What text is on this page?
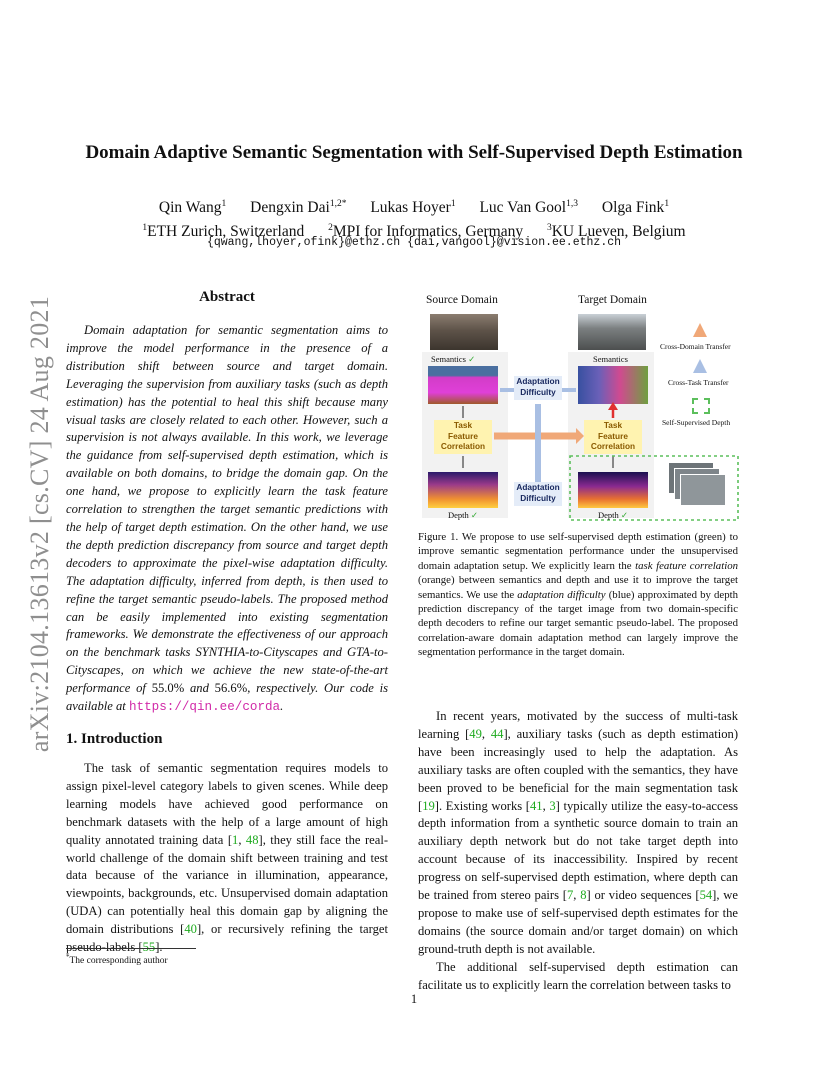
arXiv:2104.13613v2 [cs.CV] 24 Aug 2021
Domain Adaptive Semantic Segmentation with Self-Supervised Depth Estimation
Qin Wang$^1$ Dengxin Dai$^{1,2*}$ Lukas Hoyer$^1$ Luc Van Gool$^{1,3}$ Olga Fink$^1$
$^1$ETH Zurich, Switzerland	$^2$MPI for Informatics, Germany	$^3$KU Lueven, Belgium
{qwang,lhoyer,ofink}@ethz.ch {dai,vangool}@vision.ee.ethz.ch
Abstract

Domain adaptation for semantic segmentation aims to improve the model performance in the presence of a distribution shift between source and target domain. Leveraging the supervision from auxiliary tasks (such as depth estimation) has the potential to heal this shift because many visual tasks are closely related to each other. However, such a supervision is not always available. In this work, we leverage the guidance from self-supervised depth estimation, which is available on both domains, to bridge the domain gap. On the one hand, we propose to explicitly learn the task feature correlation to strengthen the target semantic predictions with the help of target depth estimation. On the other hand, we use the depth prediction discrepancy from source and target depth decoders to approximate the pixel-wise adaptation difficulty. The adaptation difficulty, inferred from depth, is then used to refine the target semantic pseudo-labels. The proposed method can be easily implemented into existing segmentation frameworks. We demonstrate the effectiveness of our approach on the benchmark tasks SYNTHIA-to-Cityscapes and GTA-to-Cityscapes, on which we achieve the new state-of-the-art performance of 55.0% and 56.6%, respectively. Our code is available at https://qin.ee/corda.

1. Introduction

The task of semantic segmentation requires models to assign pixel-level category labels to given scenes. While deep learning models have achieved good performance on benchmark datasets with the help of a large amount of high quality annotated training data [1, 48], they still face the real-world challenge of the domain shift between training and test data because of the variance in illumination, appearance, viewpoints, backgrounds, etc. Unsupervised domain adaptation (UDA) can potentially heal this domain gap by aligning the domain distributions [40], or recursively refining the target pseudo-labels [55].

*The corresponding author
1
Source Domain	Target Domain
Semantics ✓	Semantics
Task
Feature
Correlation
Task
Feature
Correlation
Adaptation
Difficulty
Adaptation
Difficulty
Depth ✓	Depth ✓
Cross-Domain Transfer
Cross-Task Transfer
Self-Supervised Depth
Figure 1. We propose to use self-supervised depth estimation (green) to improve semantic segmentation performance under the unsupervised domain adaptation setup. We explicitly learn the task feature correlation (orange) between semantics and depth and use it to improve the target semantics. We use the adaptation difficulty (blue) approximated by depth prediction discrepancy of the target image from two domain-specific depth decoders to refine our target semantic pseudo-label. The proposed correlation-aware domain adaptation method can largely improve the segmentation performance in the target domain.

In recent years, motivated by the success of multi-task learning [49, 44], auxiliary tasks (such as depth estimation) have been increasingly used to help the adaptation. As auxiliary tasks are often coupled with the semantics, they have been proved to be beneficial for the main segmentation task [19]. Existing works [41, 3] typically utilize the easy-to-access depth information from a synthetic source domain to train an auxiliary depth network but do not take target depth into account because of its inaccessibility. Inspired by recent progress on self-supervised depth estimation, where depth can be trained from stereo pairs [7, 8] or video sequences [54], we propose to make use of self-supervised depth estimates for the domains (the source domain and/or target domain) on which ground-truth depth is not available.

The additional self-supervised depth estimation can facilitate us to explicitly learn the correlation between tasks to
